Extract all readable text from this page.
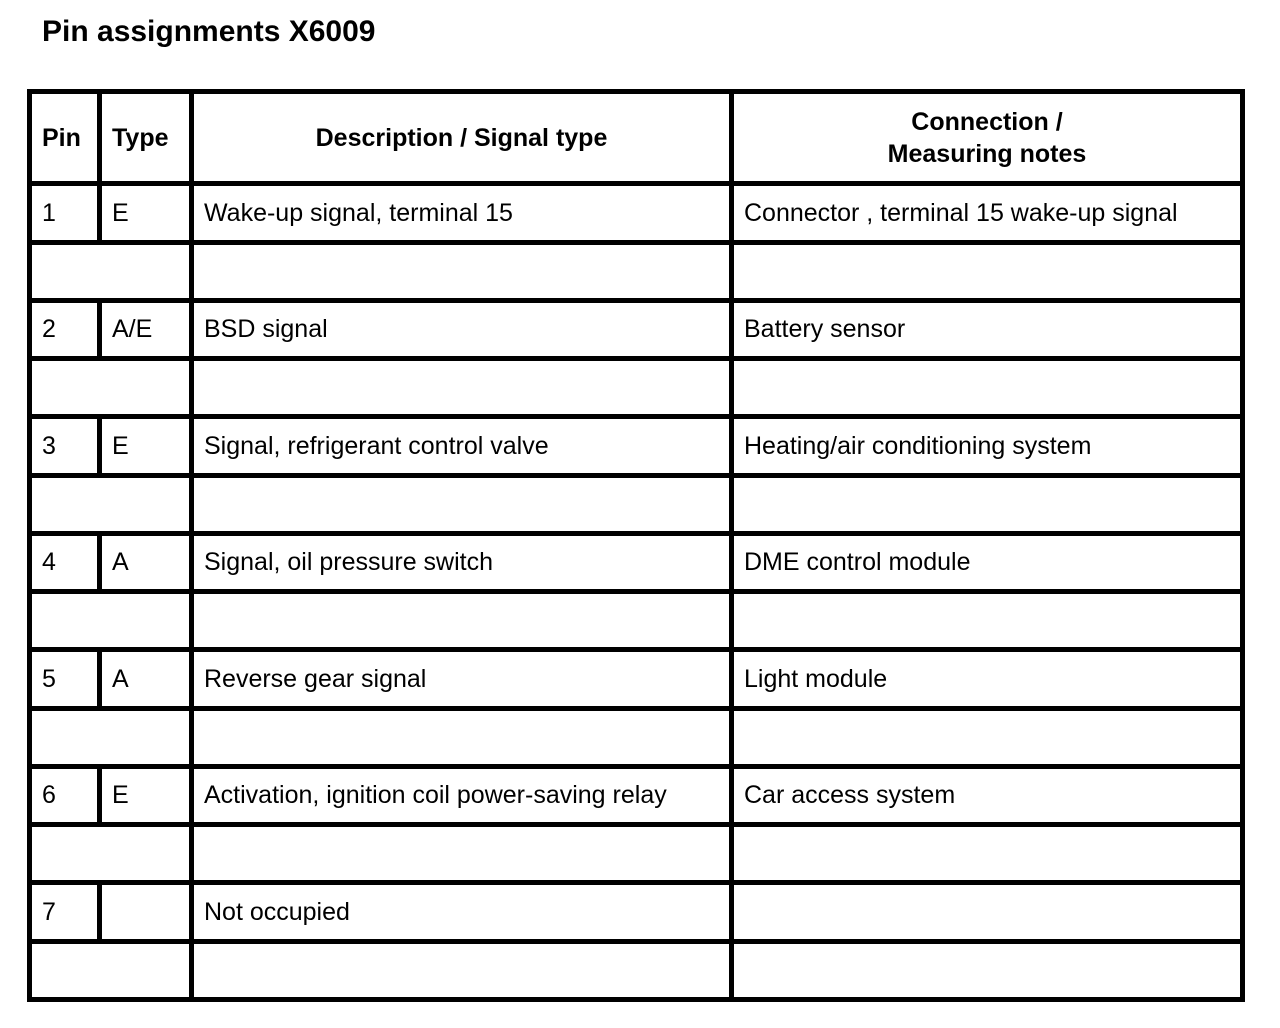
Pin assignments X6009
Pin	Type	Description / Signal type	Connection /
Measuring notes

1	E	Wake-up signal, terminal 15	Connector , terminal 15 wake-up signal

2	A/E	BSD signal	Battery sensor

3	E	Signal, refrigerant control valve	Heating/air conditioning system

4	A	Signal, oil pressure switch	DME control module

5	A	Reverse gear signal	Light module

6	E	Activation, ignition coil power-saving relay	Car access system

7		Not occupied	
